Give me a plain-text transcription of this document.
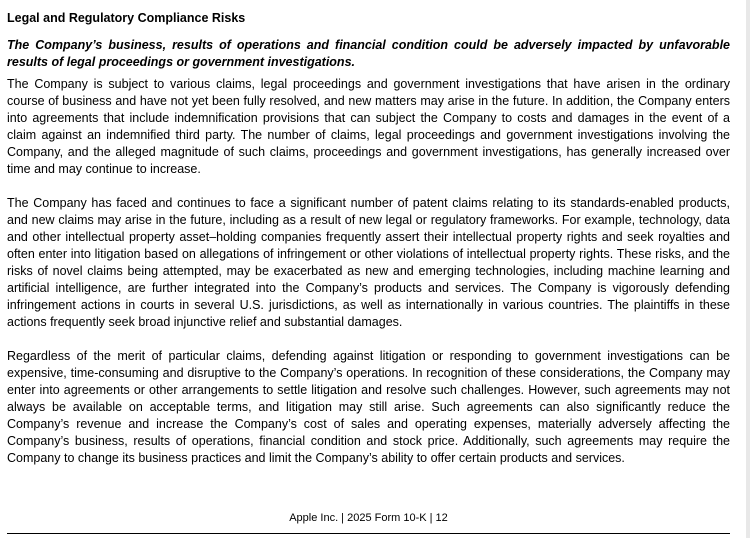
Legal and Regulatory Compliance Risks
The Company’s business, results of operations and financial condition could be adversely impacted by unfavorable results of legal proceedings or government investigations.

The Company is subject to various claims, legal proceedings and government investigations that have arisen in the ordinary course of business and have not yet been fully resolved, and new matters may arise in the future. In addition, the Company enters into agreements that include indemnification provisions that can subject the Company to costs and damages in the event of a claim against an indemnified third party. The number of claims, legal proceedings and government investigations involving the Company, and the alleged magnitude of such claims, proceedings and government investigations, has generally increased over time and may continue to increase.

The Company has faced and continues to face a significant number of patent claims relating to its standards-enabled products, and new claims may arise in the future, including as a result of new legal or regulatory frameworks. For example, technology, data and other intellectual property asset–holding companies frequently assert their intellectual property rights and seek royalties and often enter into litigation based on allegations of infringement or other violations of intellectual property rights. These risks, and the risks of novel claims being attempted, may be exacerbated as new and emerging technologies, including machine learning and artificial intelligence, are further integrated into the Company’s products and services. The Company is vigorously defending infringement actions in courts in several U.S. jurisdictions, as well as internationally in various countries. The plaintiffs in these actions frequently seek broad injunctive relief and substantial damages.

Regardless of the merit of particular claims, defending against litigation or responding to government investigations can be expensive, time-consuming and disruptive to the Company’s operations. In recognition of these considerations, the Company may enter into agreements or other arrangements to settle litigation and resolve such challenges. However, such agreements may not always be available on acceptable terms, and litigation may still arise. Such agreements can also significantly reduce the Company’s revenue and increase the Company’s cost of sales and operating expenses, materially adversely affecting the Company’s business, results of operations, financial condition and stock price. Additionally, such agreements may require the Company to change its business practices and limit the Company’s ability to offer certain products and services.

Apple Inc. | 2025 Form 10-K | 12
